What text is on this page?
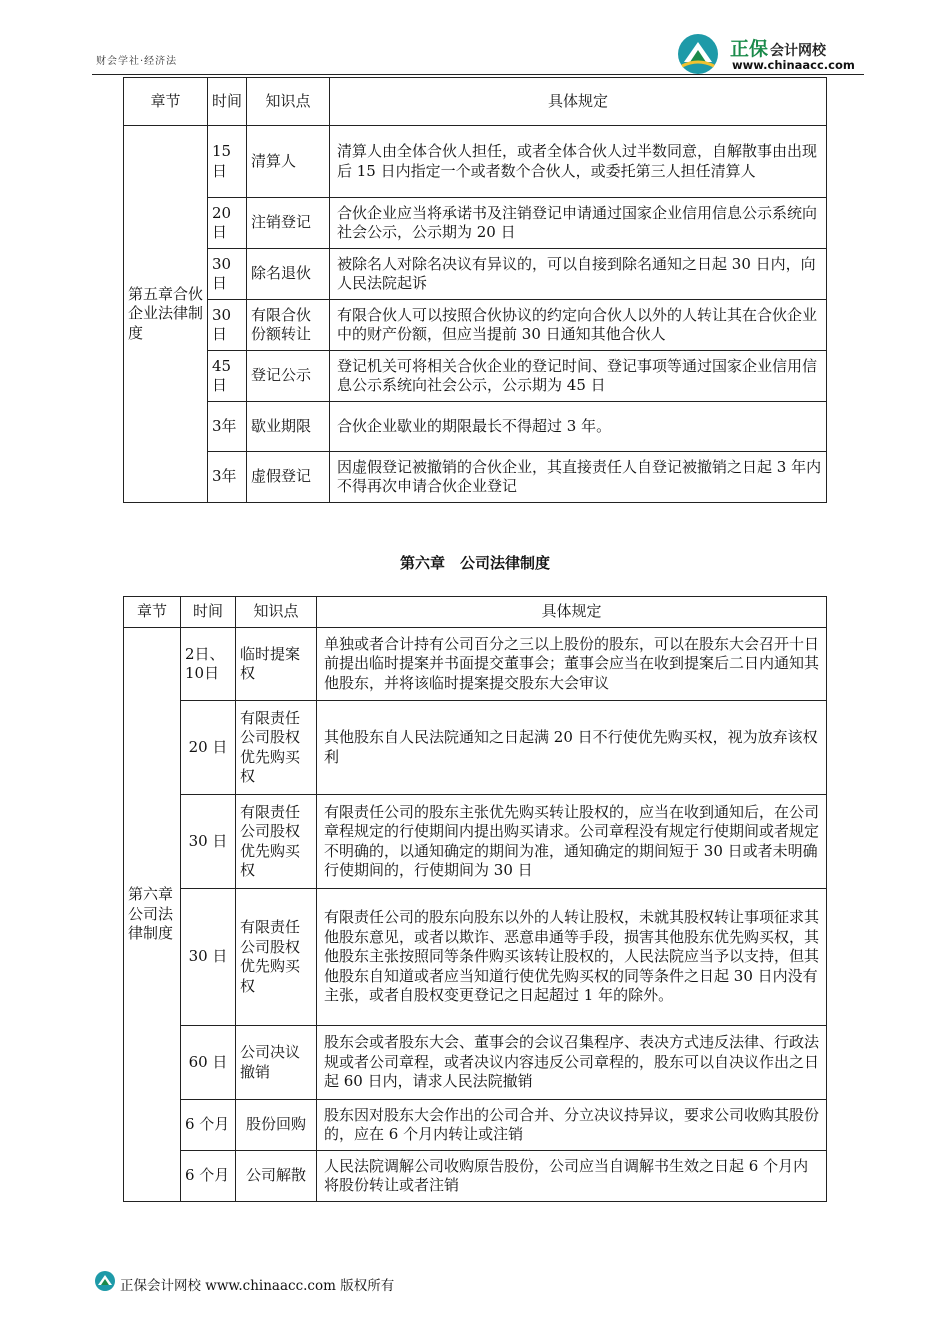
财会学社·经济法
正保 会计网校
www.chinaacc.com
章节	时间	知识点	具体规定
第五章合伙企业法律制度	15日	清算人	清算人由全体合伙人担任，或者全体合伙人过半数同意，自解散事由出现后 15 日内指定一个或者数个合伙人，或委托第三人担任清算人
	20日	注销登记	合伙企业应当将承诺书及注销登记申请通过国家企业信用信息公示系统向社会公示，公示期为 20 日
	30日	除名退伙	被除名人对除名决议有异议的，可以自接到除名通知之日起 30 日内，向人民法院起诉
	30日	有限合伙份额转让	有限合伙人可以按照合伙协议的约定向合伙人以外的人转让其在合伙企业中的财产份额，但应当提前 30 日通知其他合伙人
	45日	登记公示	登记机关可将相关合伙企业的登记时间、登记事项等通过国家企业信用信息公示系统向社会公示，公示期为 45 日
	3年	歇业期限	合伙企业歇业的期限最长不得超过 3 年。
	3年	虚假登记	因虚假登记被撤销的合伙企业，其直接责任人自登记被撤销之日起 3 年内不得再次申请合伙企业登记
第六章　公司法律制度
章节	时间	知识点	具体规定
第六章公司法律制度	2日、10日	临时提案权	单独或者合计持有公司百分之三以上股份的股东，可以在股东大会召开十日前提出临时提案并书面提交董事会；董事会应当在收到提案后二日内通知其他股东，并将该临时提案提交股东大会审议
	20 日	有限责任公司股权优先购买权	其他股东自人民法院通知之日起满 20 日不行使优先购买权，视为放弃该权利
	30 日	有限责任公司股权优先购买权	有限责任公司的股东主张优先购买转让股权的，应当在收到通知后，在公司章程规定的行使期间内提出购买请求。公司章程没有规定行使期间或者规定不明确的，以通知确定的期间为准，通知确定的期间短于 30 日或者未明确行使期间的，行使期间为 30 日
	30 日	有限责任公司股权优先购买权	有限责任公司的股东向股东以外的人转让股权，未就其股权转让事项征求其他股东意见，或者以欺诈、恶意串通等手段，损害其他股东优先购买权，其他股东主张按照同等条件购买该转让股权的，人民法院应当予以支持，但其他股东自知道或者应当知道行使优先购买权的同等条件之日起 30 日内没有主张，或者自股权变更登记之日起超过 1 年的除外。
	60 日	公司决议撤销	股东会或者股东大会、董事会的会议召集程序、表决方式违反法律、行政法规或者公司章程，或者决议内容违反公司章程的，股东可以自决议作出之日起 60 日内，请求人民法院撤销
	6 个月	股份回购	股东因对股东大会作出的公司合并、分立决议持异议，要求公司收购其股份的，应在 6 个月内转让或注销
	6 个月	公司解散	人民法院调解公司收购原告股份，公司应当自调解书生效之日起 6 个月内将股份转让或者注销
正保会计网校 www.chinaacc.com 版权所有
